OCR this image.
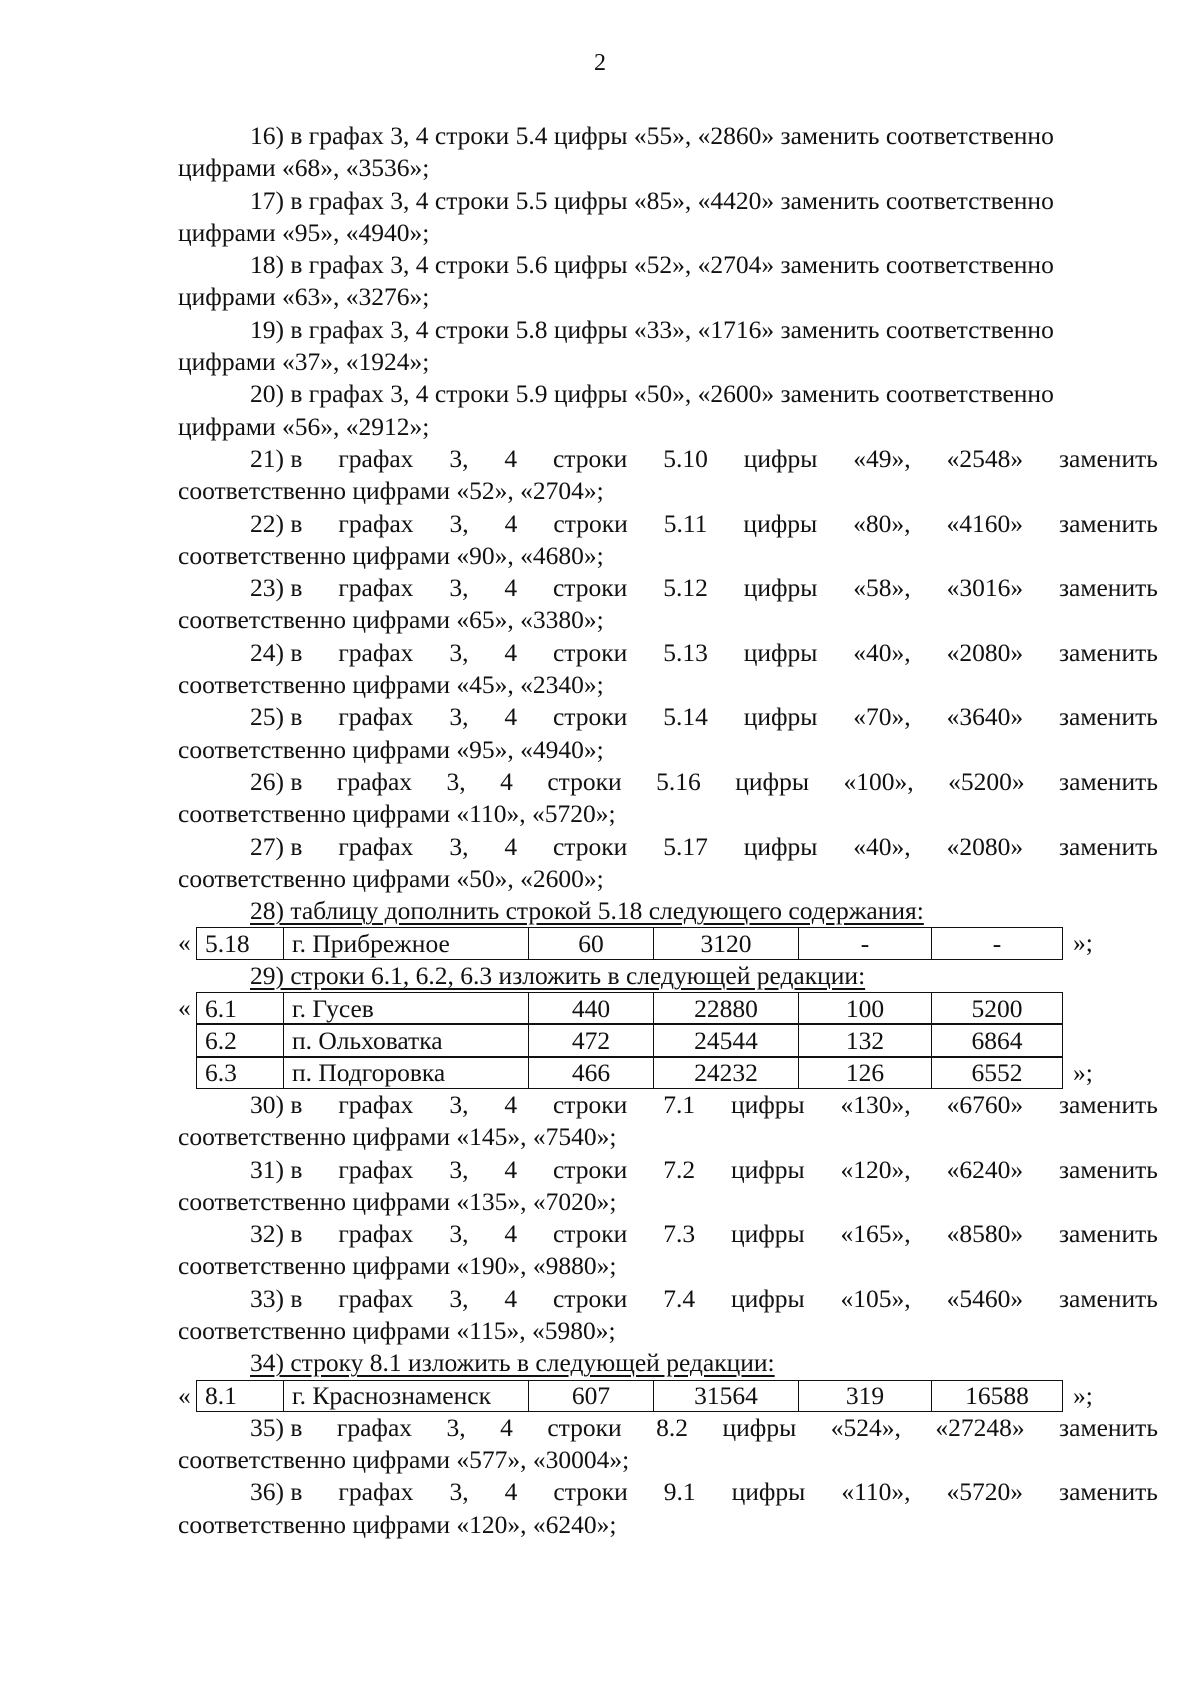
2
16) в графах 3, 4 строки 5.4 цифры «55», «2860» заменить соответственно
цифрами «68», «3536»;
17) в графах 3, 4 строки 5.5 цифры «85», «4420» заменить соответственно
цифрами «95», «4940»;
18) в графах 3, 4 строки 5.6 цифры «52», «2704» заменить соответственно
цифрами «63», «3276»;
19) в графах 3, 4 строки 5.8 цифры «33», «1716» заменить соответственно
цифрами «37», «1924»;
20) в графах 3, 4 строки 5.9 цифры «50», «2600» заменить соответственно
цифрами «56», «2912»;
21) в графах 3, 4 строки 5.10 цифры «49», «2548» заменить
соответственно цифрами «52», «2704»;
22) в графах 3, 4 строки 5.11 цифры «80», «4160» заменить
соответственно цифрами «90», «4680»;
23) в графах 3, 4 строки 5.12 цифры «58», «3016» заменить
соответственно цифрами «65», «3380»;
24) в графах 3, 4 строки 5.13 цифры «40», «2080» заменить
соответственно цифрами «45», «2340»;
25) в графах 3, 4 строки 5.14 цифры «70», «3640» заменить
соответственно цифрами «95», «4940»;
26) в графах 3, 4 строки 5.16 цифры «100», «5200» заменить
соответственно цифрами «110», «5720»;
27) в графах 3, 4 строки 5.17 цифры «40», «2080» заменить
соответственно цифрами «50», «2600»;
28) таблицу дополнить строкой 5.18 следующего содержания:
« 5.18	г. Прибрежное	60	3120	-	-	»;
29) строки 6.1, 6.2, 6.3 изложить в следующей редакции:
« 6.1	г. Гусев	440	22880	100	5200
6.2	п. Ольховатка	472	24544	132	6864
6.3	п. Подгоровка	466	24232	126	6552	»;
30) в графах 3, 4 строки 7.1 цифры «130», «6760» заменить
соответственно цифрами «145», «7540»;
31) в графах 3, 4 строки 7.2 цифры «120», «6240» заменить
соответственно цифрами «135», «7020»;
32) в графах 3, 4 строки 7.3 цифры «165», «8580» заменить
соответственно цифрами «190», «9880»;
33) в графах 3, 4 строки 7.4 цифры «105», «5460» заменить
соответственно цифрами «115», «5980»;
34) строку 8.1 изложить в следующей редакции:
« 8.1	г. Краснознаменск	607	31564	319	16588	»;
35) в графах 3, 4 строки 8.2 цифры «524», «27248» заменить
соответственно цифрами «577», «30004»;
36) в графах 3, 4 строки 9.1 цифры «110», «5720» заменить
соответственно цифрами «120», «6240»;
